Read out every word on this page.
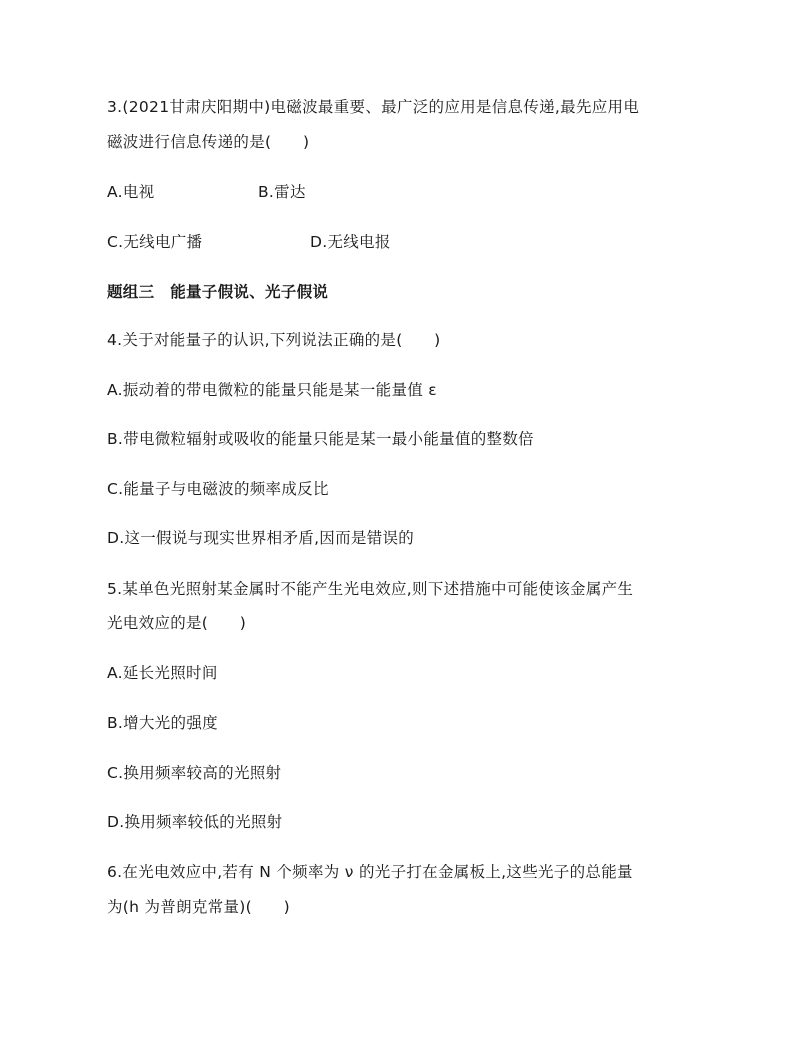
3.(2021甘肃庆阳期中)电磁波最重要、最广泛的应用是信息传递,最先应用电
磁波进行信息传递的是(　　)
A.电视	B.雷达
C.无线电广播	D.无线电报
题组三　能量子假说、光子假说
4.关于对能量子的认识,下列说法正确的是(　　)
A.振动着的带电微粒的能量只能是某一能量值 ε
B.带电微粒辐射或吸收的能量只能是某一最小能量值的整数倍
C.能量子与电磁波的频率成反比
D.这一假说与现实世界相矛盾,因而是错误的
5.某单色光照射某金属时不能产生光电效应,则下述措施中可能使该金属产生
光电效应的是(　　)
A.延长光照时间
B.增大光的强度
C.换用频率较高的光照射
D.换用频率较低的光照射
6.在光电效应中,若有 N 个频率为 ν 的光子打在金属板上,这些光子的总能量
为(h 为普朗克常量)(　　)
